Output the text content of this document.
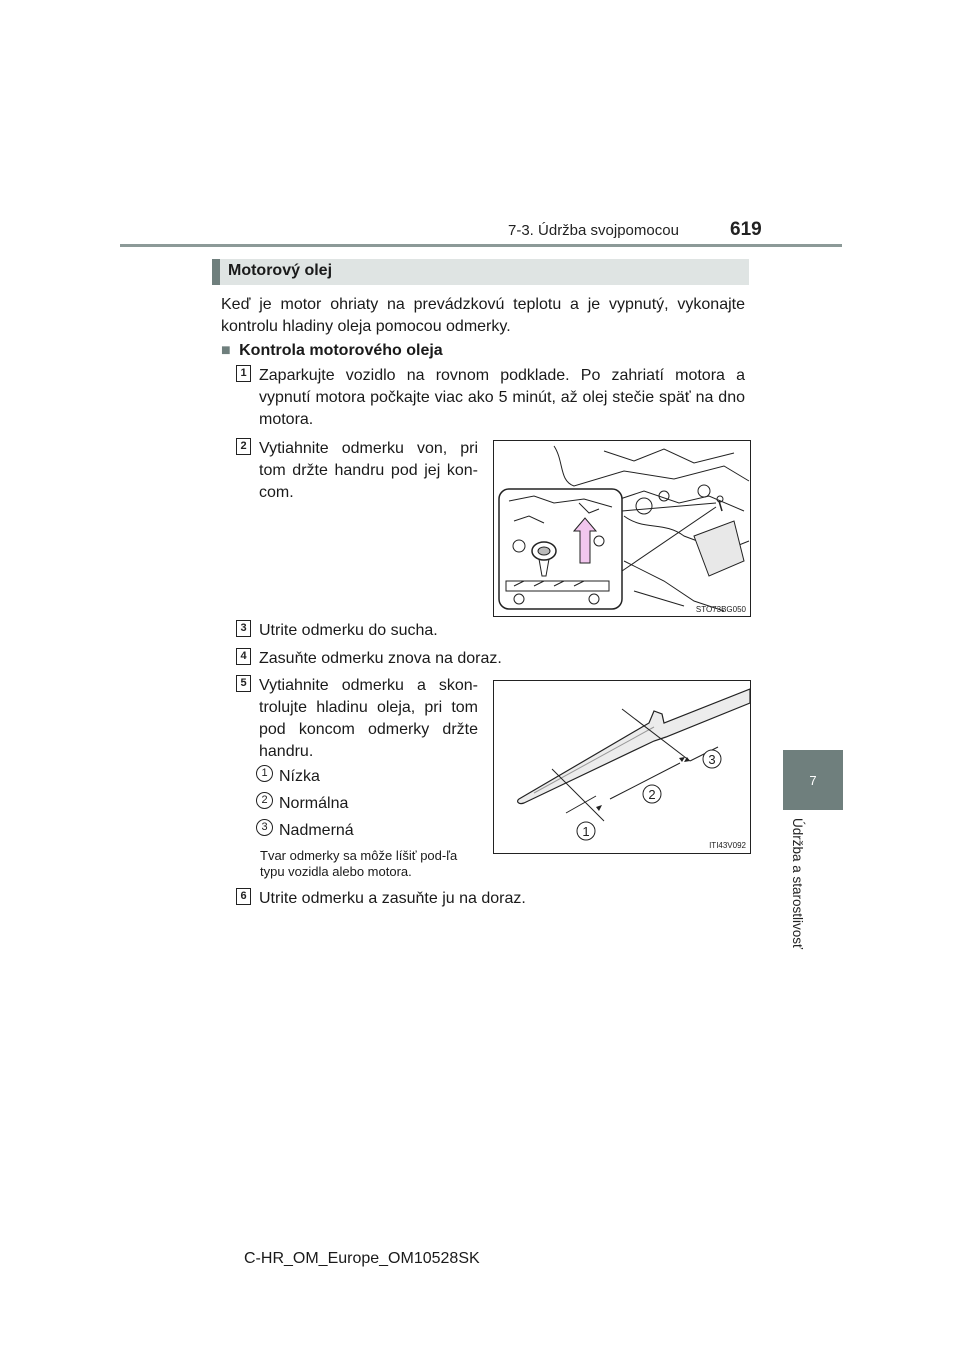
7-3. Údržba svojpomocou	619
7
Údržba a starostlivosť
Motorový olej
Keď je motor ohriaty na prevádzkovú teplotu a je vypnutý, vykonajte kontrolu hladiny oleja pomocou odmerky.
■ Kontrola motorového oleja
1 Zaparkujte vozidlo na rovnom podklade. Po zahriatí motora a vypnutí motora počkajte viac ako 5 minút, až olej stečie späť na dno motora.
2 Vytiahnite odmerku von, pri tom držte handru pod jej kon-com.
STO73BG050
3 Utrite odmerku do sucha.
4 Zasuňte odmerku znova na doraz.
5 Vytiahnite odmerku a skon-trolujte hladinu oleja, pri tom pod koncom odmerky držte handru.
1 Nízka
2 Normálna
3 Nadmerná
Tvar odmerky sa môže líšiť pod-ľa typu vozidla alebo motora.
1
2
3
ITI43V092
6 Utrite odmerku a zasuňte ju na doraz.
C-HR_OM_Europe_OM10528SK
